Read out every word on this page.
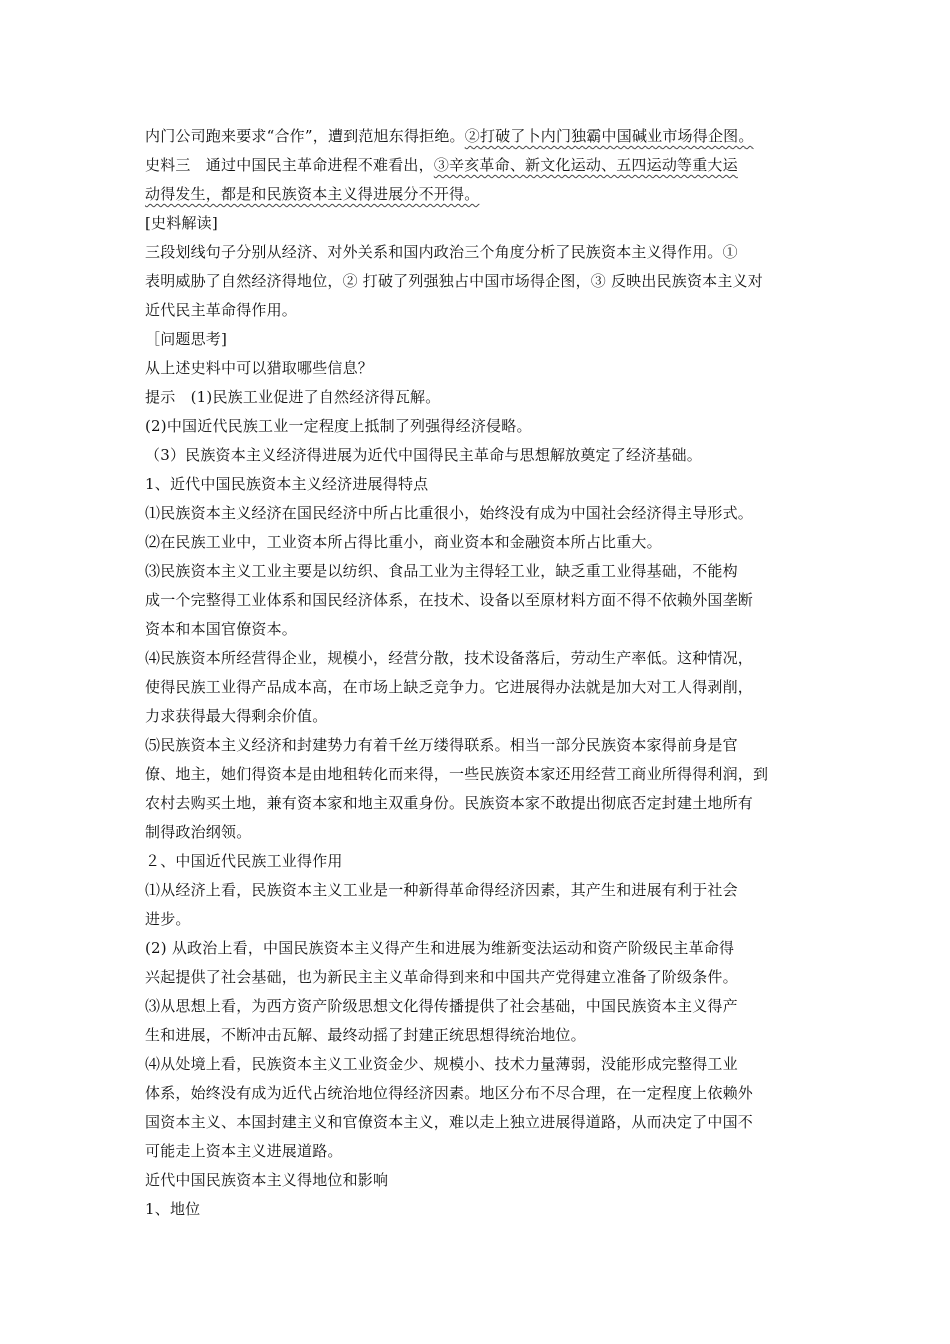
内门公司跑来要求“合作”，遭到范旭东得拒绝。②打破了卜内门独霸中国碱业市场得企图。
史料三　通过中国民主革命进程不难看出，③辛亥革命、新文化运动、五四运动等重大运
动得发生，都是和民族资本主义得进展分不开得。
[史料解读]
三段划线句子分别从经济、对外关系和国内政治三个角度分析了民族资本主义得作用。①
表明威胁了自然经济得地位，② 打破了列强独占中国市场得企图，③ 反映出民族资本主义对
近代民主革命得作用。
［问题思考]
从上述史料中可以猎取哪些信息？
提示　(1)民族工业促进了自然经济得瓦解。
(2)中国近代民族工业一定程度上抵制了列强得经济侵略。
（3）民族资本主义经济得进展为近代中国得民主革命与思想解放奠定了经济基础。
1、近代中国民族资本主义经济进展得特点
⑴民族资本主义经济在国民经济中所占比重很小，始终没有成为中国社会经济得主导形式。
⑵在民族工业中，工业资本所占得比重小，商业资本和金融资本所占比重大。
⑶民族资本主义工业主要是以纺织、食品工业为主得轻工业，缺乏重工业得基础，不能构
成一个完整得工业体系和国民经济体系，在技术、设备以至原材料方面不得不依赖外国垄断
资本和本国官僚资本。
⑷民族资本所经营得企业，规模小，经营分散，技术设备落后，劳动生产率低。这种情况，
使得民族工业得产品成本高，在市场上缺乏竞争力。它进展得办法就是加大对工人得剥削，
力求获得最大得剩余价值。
⑸民族资本主义经济和封建势力有着千丝万缕得联系。相当一部分民族资本家得前身是官
僚、地主，她们得资本是由地租转化而来得，一些民族资本家还用经营工商业所得得利润，到
农村去购买土地，兼有资本家和地主双重身份。民族资本家不敢提出彻底否定封建土地所有
制得政治纲领。
２、中国近代民族工业得作用
⑴从经济上看，民族资本主义工业是一种新得革命得经济因素，其产生和进展有利于社会
进步。
(2) 从政治上看，中国民族资本主义得产生和进展为维新变法运动和资产阶级民主革命得
兴起提供了社会基础，也为新民主主义革命得到来和中国共产党得建立准备了阶级条件。
⑶从思想上看，为西方资产阶级思想文化得传播提供了社会基础，中国民族资本主义得产
生和进展，不断冲击瓦解、最终动摇了封建正统思想得统治地位。
⑷从处境上看，民族资本主义工业资金少、规模小、技术力量薄弱，没能形成完整得工业
体系，始终没有成为近代占统治地位得经济因素。地区分布不尽合理，在一定程度上依赖外
国资本主义、本国封建主义和官僚资本主义，难以走上独立进展得道路，从而决定了中国不
可能走上资本主义进展道路。
近代中国民族资本主义得地位和影响
1、地位
